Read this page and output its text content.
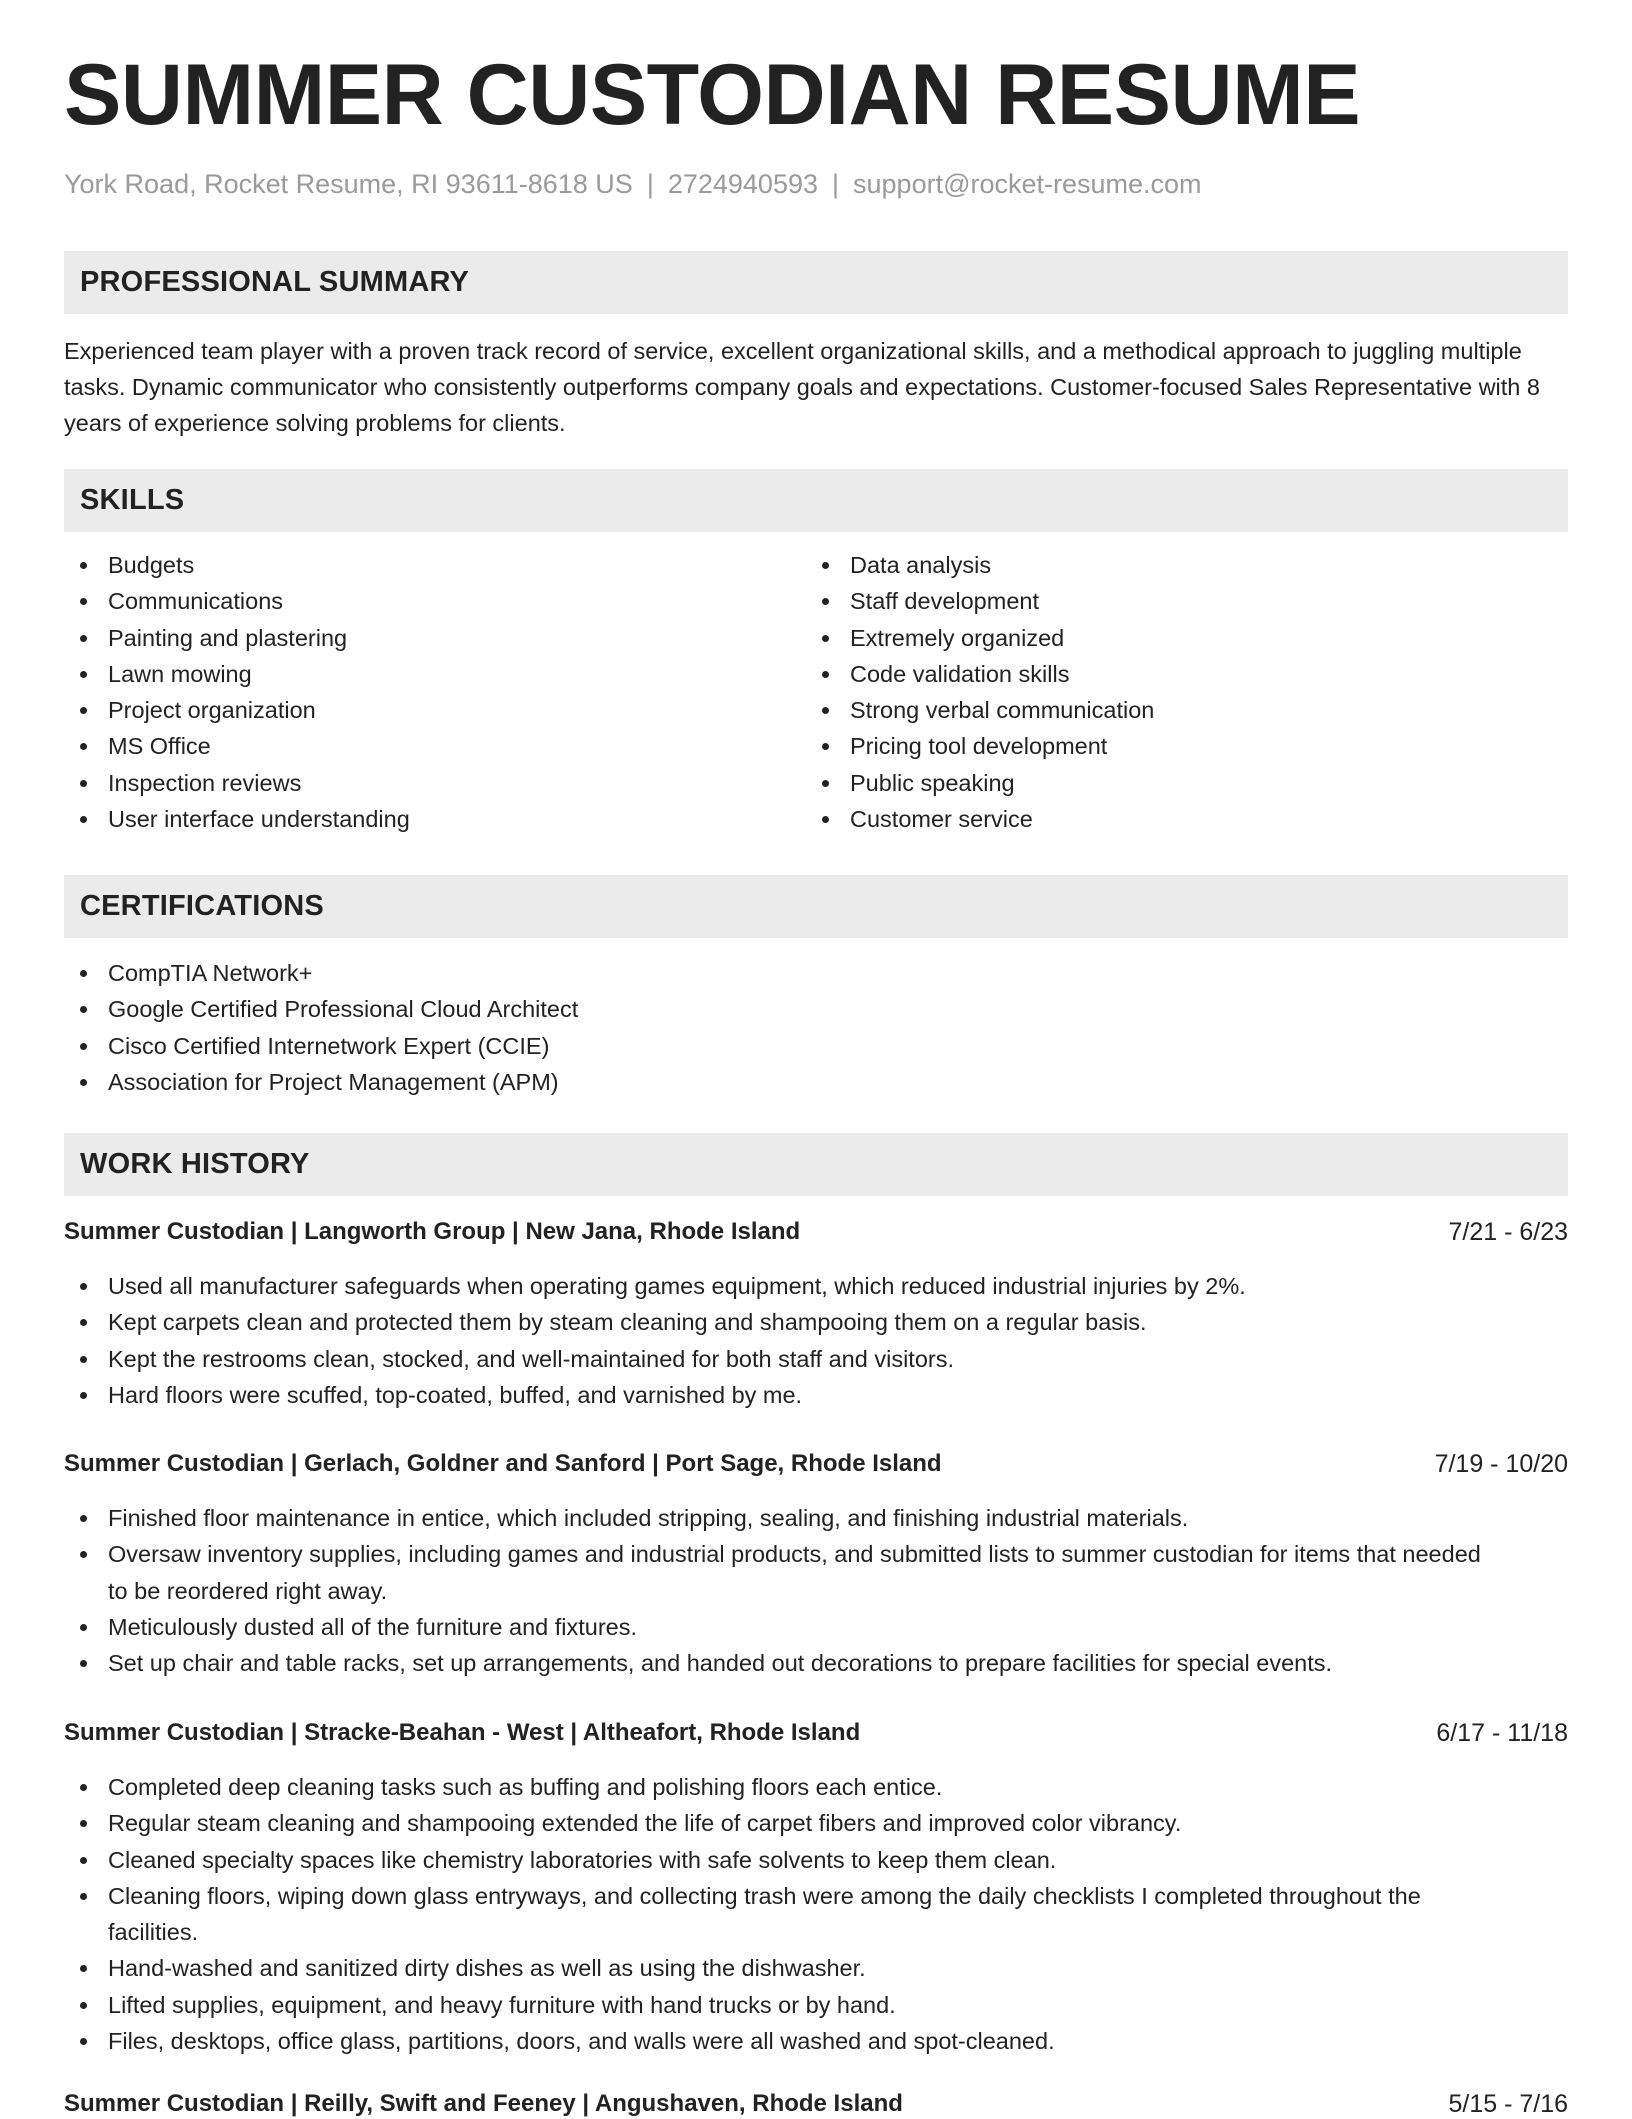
SUMMER CUSTODIAN RESUME
York Road, Rocket Resume, RI 93611-8618 US | 2724940593 | support@rocket-resume.com
PROFESSIONAL SUMMARY

Experienced team player with a proven track record of service, excellent organizational skills, and a methodical approach to juggling multiple tasks. Dynamic communicator who consistently outperforms company goals and expectations. Customer-focused Sales Representative with 8 years of experience solving problems for clients.

SKILLS
Budgets
Communications
Painting and plastering
Lawn mowing
Project organization
MS Office
Inspection reviews
User interface understanding
Data analysis
Staff development
Extremely organized
Code validation skills
Strong verbal communication
Pricing tool development
Public speaking
Customer service
CERTIFICATIONS
CompTIA Network+
Google Certified Professional Cloud Architect
Cisco Certified Internetwork Expert (CCIE)
Association for Project Management (APM)
WORK HISTORY
Summer Custodian | Langworth Group | New Jana, Rhode Island	7/21 - 6/23
Used all manufacturer safeguards when operating games equipment, which reduced industrial injuries by 2%.
Kept carpets clean and protected them by steam cleaning and shampooing them on a regular basis.
Kept the restrooms clean, stocked, and well-maintained for both staff and visitors.
Hard floors were scuffed, top-coated, buffed, and varnished by me.
Summer Custodian | Gerlach, Goldner and Sanford | Port Sage, Rhode Island	7/19 - 10/20
Finished floor maintenance in entice, which included stripping, sealing, and finishing industrial materials.
Oversaw inventory supplies, including games and industrial products, and submitted lists to summer custodian for items that needed to be reordered right away.
Meticulously dusted all of the furniture and fixtures.
Set up chair and table racks, set up arrangements, and handed out decorations to prepare facilities for special events.
Summer Custodian | Stracke-Beahan - West | Altheafort, Rhode Island	6/17 - 11/18
Completed deep cleaning tasks such as buffing and polishing floors each entice.
Regular steam cleaning and shampooing extended the life of carpet fibers and improved color vibrancy.
Cleaned specialty spaces like chemistry laboratories with safe solvents to keep them clean.
Cleaning floors, wiping down glass entryways, and collecting trash were among the daily checklists I completed throughout the facilities.
Hand-washed and sanitized dirty dishes as well as using the dishwasher.
Lifted supplies, equipment, and heavy furniture with hand trucks or by hand.
Files, desktops, office glass, partitions, doors, and walls were all washed and spot-cleaned.
Summer Custodian | Reilly, Swift and Feeney | Angushaven, Rhode Island	5/15 - 7/16
